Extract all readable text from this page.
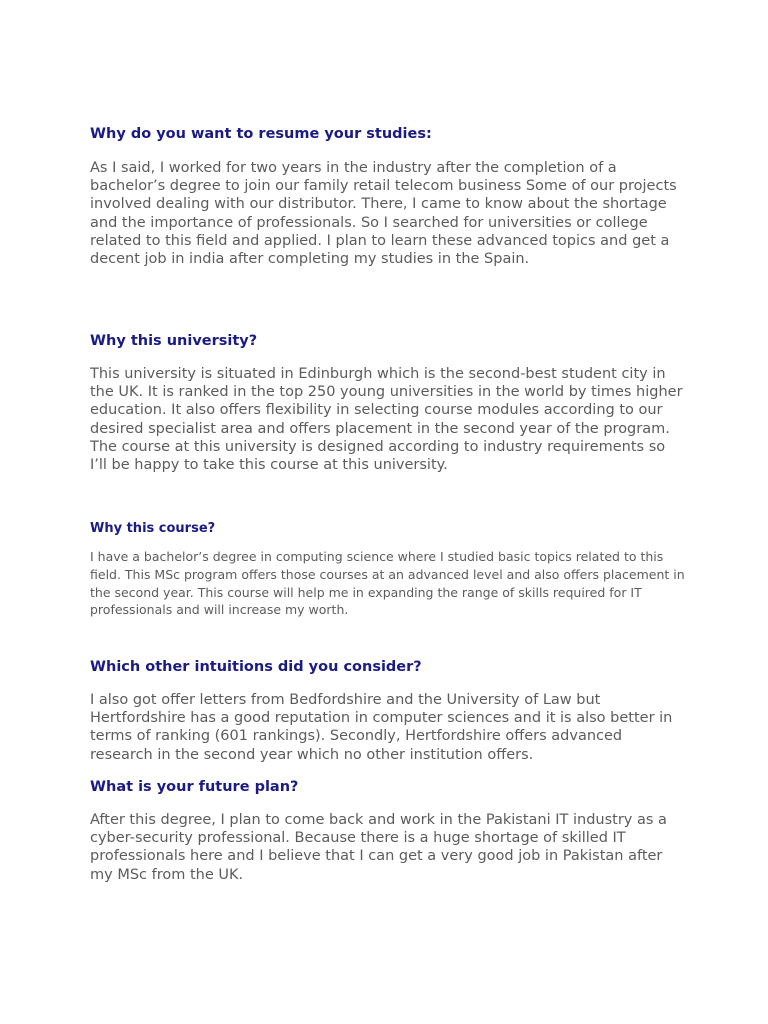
Why do you want to resume your studies:

As I said, I worked for two years in the industry after the completion of a bachelor’s degree to join our family retail telecom business Some of our projects involved dealing with our distributor. There, I came to know about the shortage and the importance of professionals. So I searched for universities or college related to this field and applied. I plan to learn these advanced topics and get a decent job in india after completing my studies in the Spain.

Why this university?

This university is situated in Edinburgh which is the second-best student city in the UK. It is ranked in the top 250 young universities in the world by times higher education. It also offers flexibility in selecting course modules according to our desired specialist area and offers placement in the second year of the program. The course at this university is designed according to industry requirements so I’ll be happy to take this course at this university.

Why this course?

I have a bachelor’s degree in computing science where I studied basic topics related to this field. This MSc program offers those courses at an advanced level and also offers placement in the second year. This course will help me in expanding the range of skills required for IT professionals and will increase my worth.

Which other intuitions did you consider?

I also got offer letters from Bedfordshire and the University of Law but Hertfordshire has a good reputation in computer sciences and it is also better in terms of ranking (601 rankings). Secondly, Hertfordshire offers advanced research in the second year which no other institution offers.

What is your future plan?

After this degree, I plan to come back and work in the Pakistani IT industry as a cyber-security professional. Because there is a huge shortage of skilled IT professionals here and I believe that I can get a very good job in Pakistan after my MSc from the UK.
